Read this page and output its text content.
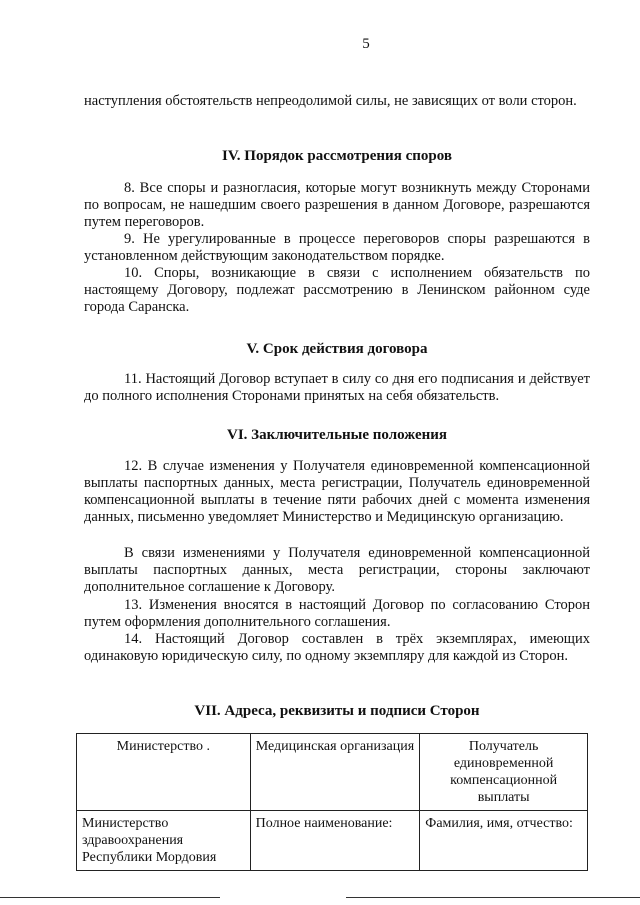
5

наступления обстоятельств непреодолимой силы, не зависящих от воли сторон.

IV. Порядок рассмотрения споров

8. Все споры и разногласия, которые могут возникнуть между Сторонами по вопросам, не нашедшим своего разрешения в данном Договоре, разрешаются путем переговоров.

9. Не урегулированные в процессе переговоров споры разрешаются в установленном действующим законодательством порядке.

10. Споры, возникающие в связи с исполнением обязательств по настоящему Договору, подлежат рассмотрению в Ленинском районном суде города Саранска.

V. Срок действия договора

11. Настоящий Договор вступает в силу со дня его подписания и действует до полного исполнения Сторонами принятых на себя обязательств.

VI. Заключительные положения

12. В случае изменения у Получателя единовременной компенсационной выплаты паспортных данных, места регистрации, Получатель единовременной компенсационной выплаты в течение пяти рабочих дней с момента изменения данных, письменно уведомляет Министерство и Медицинскую организацию.

В связи изменениями у Получателя единовременной компенсационной выплаты паспортных данных, места регистрации, стороны заключают дополнительное соглашение к Договору.

13. Изменения вносятся в настоящий Договор по согласованию Сторон путем оформления дополнительного соглашения.

14. Настоящий Договор составлен в трёх экземплярах, имеющих одинаковую юридическую силу, по одному экземпляру для каждой из Сторон.

VII. Адреса, реквизиты и подписи Сторон
Министерство .	Медицинская организация	Получатель единовременной компенсационной выплаты
Министерство здравоохранения Республики Мордовия	Полное наименование:	Фамилия, имя, отчество:
